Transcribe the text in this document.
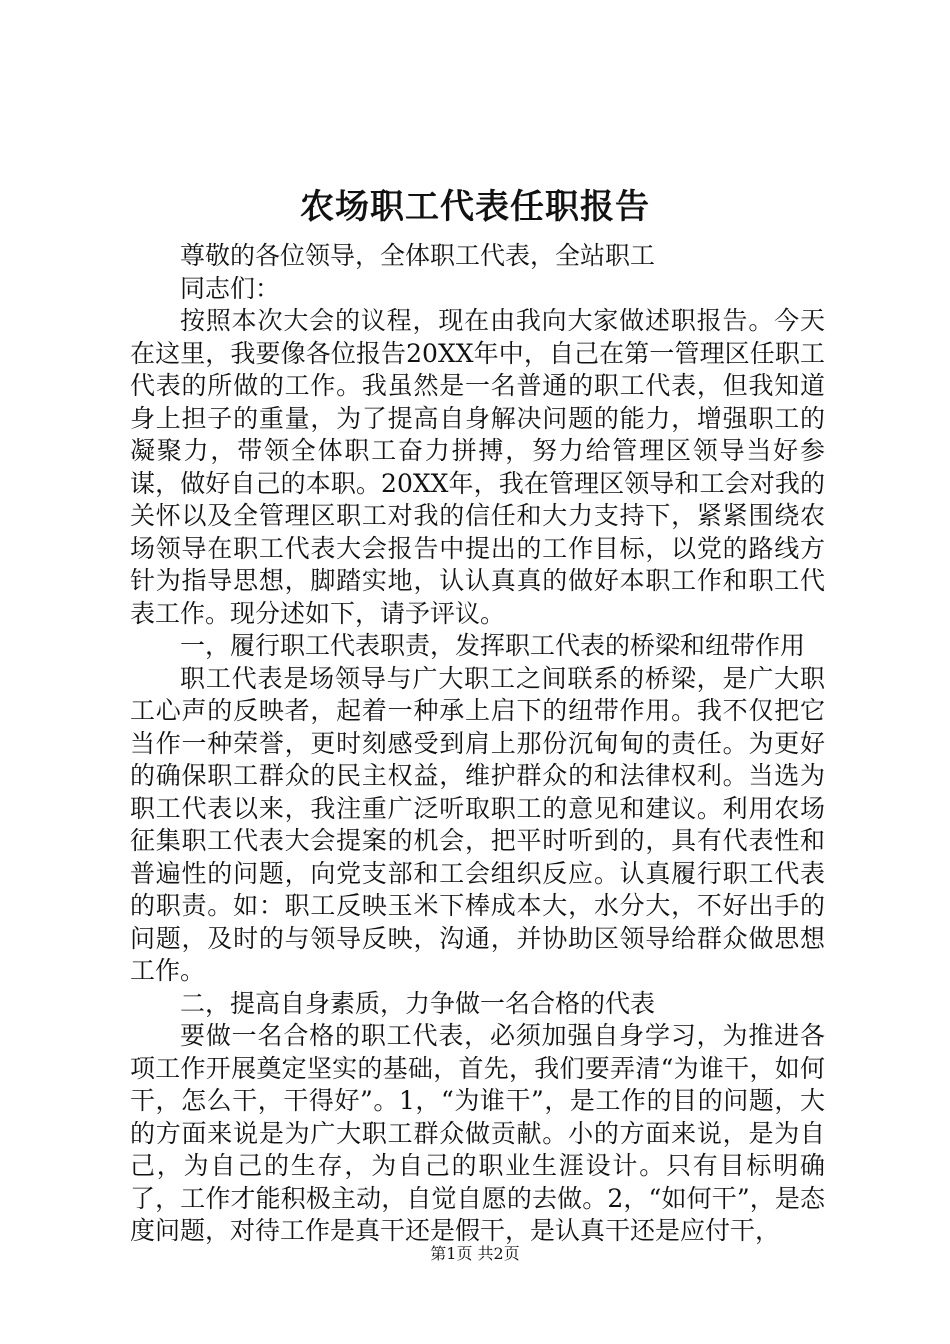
农场职工代表任职报告

尊敬的各位领导，全体职工代表，全站职工

同志们：

按照本次大会的议程，现在由我向大家做述职报告。今天在这里，我要像各位报告20XX年中，自己在第一管理区任职工代表的所做的工作。我虽然是一名普通的职工代表，但我知道身上担子的重量，为了提高自身解决问题的能力，增强职工的凝聚力，带领全体职工奋力拼搏，努力给管理区领导当好参谋，做好自己的本职。20XX年，我在管理区领导和工会对我的关怀以及全管理区职工对我的信任和大力支持下，紧紧围绕农场领导在职工代表大会报告中提出的工作目标，以党的路线方针为指导思想，脚踏实地，认认真真的做好本职工作和职工代表工作。现分述如下，请予评议。

一，履行职工代表职责，发挥职工代表的桥梁和纽带作用

职工代表是场领导与广大职工之间联系的桥梁，是广大职工心声的反映者，起着一种承上启下的纽带作用。我不仅把它当作一种荣誉，更时刻感受到肩上那份沉甸甸的责任。为更好的确保职工群众的民主权益，维护群众的和法律权利。当选为职工代表以来，我注重广泛听取职工的意见和建议。利用农场征集职工代表大会提案的机会，把平时听到的，具有代表性和普遍性的问题，向党支部和工会组织反应。认真履行职工代表的职责。如：职工反映玉米下棒成本大，水分大，不好出手的问题，及时的与领导反映，沟通，并协助区领导给群众做思想工作。

二，提高自身素质，力争做一名合格的代表

要做一名合格的职工代表，必须加强自身学习，为推进各项工作开展奠定坚实的基础，首先，我们要弄清“为谁干，如何干，怎么干，干得好”。1，“为谁干”，是工作的目的问题，大的方面来说是为广大职工群众做贡献。小的方面来说，是为自己，为自己的生存，为自己的职业生涯设计。只有目标明确了，工作才能积极主动，自觉自愿的去做。2，“如何干”，是态度问题，对待工作是真干还是假干，是认真干还是应付干，

第1页 共2页
